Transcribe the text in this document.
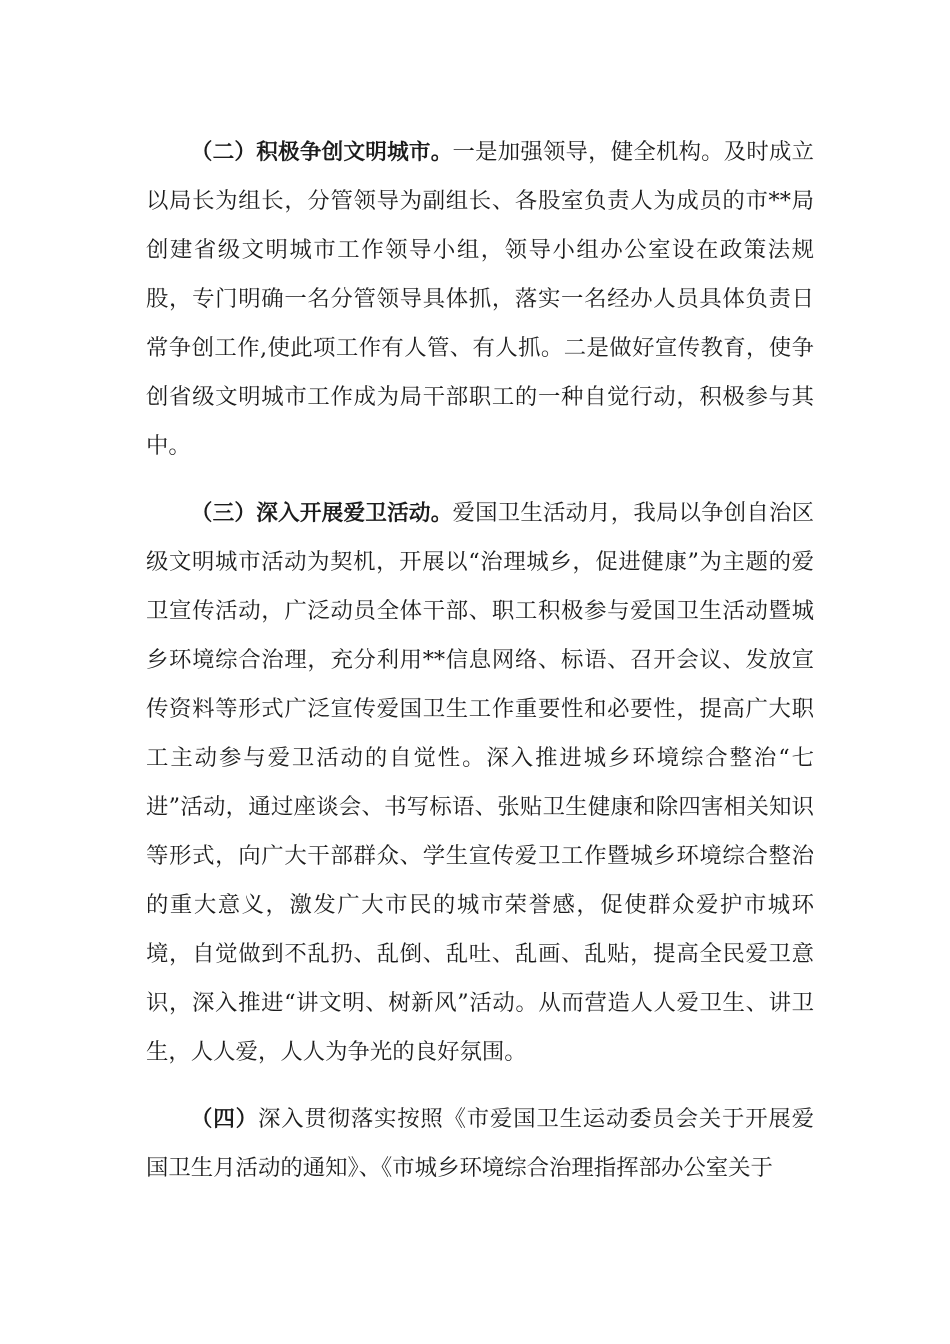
（二）积极争创文明城市。一是加强领导，健全机构。及时成立以局长为组长，分管领导为副组长、各股室负责人为成员的市**局创建省级文明城市工作领导小组，领导小组办公室设在政策法规股，专门明确一名分管领导具体抓，落实一名经办人员具体负责日常争创工作,使此项工作有人管、有人抓。二是做好宣传教育，使争创省级文明城市工作成为局干部职工的一种自觉行动，积极参与其中。

（三）深入开展爱卫活动。爱国卫生活动月，我局以争创自治区级文明城市活动为契机，开展以“治理城乡，促进健康”为主题的爱卫宣传活动，广泛动员全体干部、职工积极参与爱国卫生活动暨城乡环境综合治理，充分利用**信息网络、标语、召开会议、发放宣传资料等形式广泛宣传爱国卫生工作重要性和必要性，提高广大职工主动参与爱卫活动的自觉性。深入推进城乡环境综合整治“七进”活动，通过座谈会、书写标语、张贴卫生健康和除四害相关知识等形式，向广大干部群众、学生宣传爱卫工作暨城乡环境综合整治的重大意义，激发广大市民的城市荣誉感，促使群众爱护市城环境，自觉做到不乱扔、乱倒、乱吐、乱画、乱贴，提高全民爱卫意识，深入推进“讲文明、树新风”活动。从而营造人人爱卫生、讲卫生，人人爱，人人为争光的良好氛围。

（四）深入贯彻落实按照《市爱国卫生运动委员会关于开展爱国卫生月活动的通知》、《市城乡环境综合治理指挥部办公室关于
